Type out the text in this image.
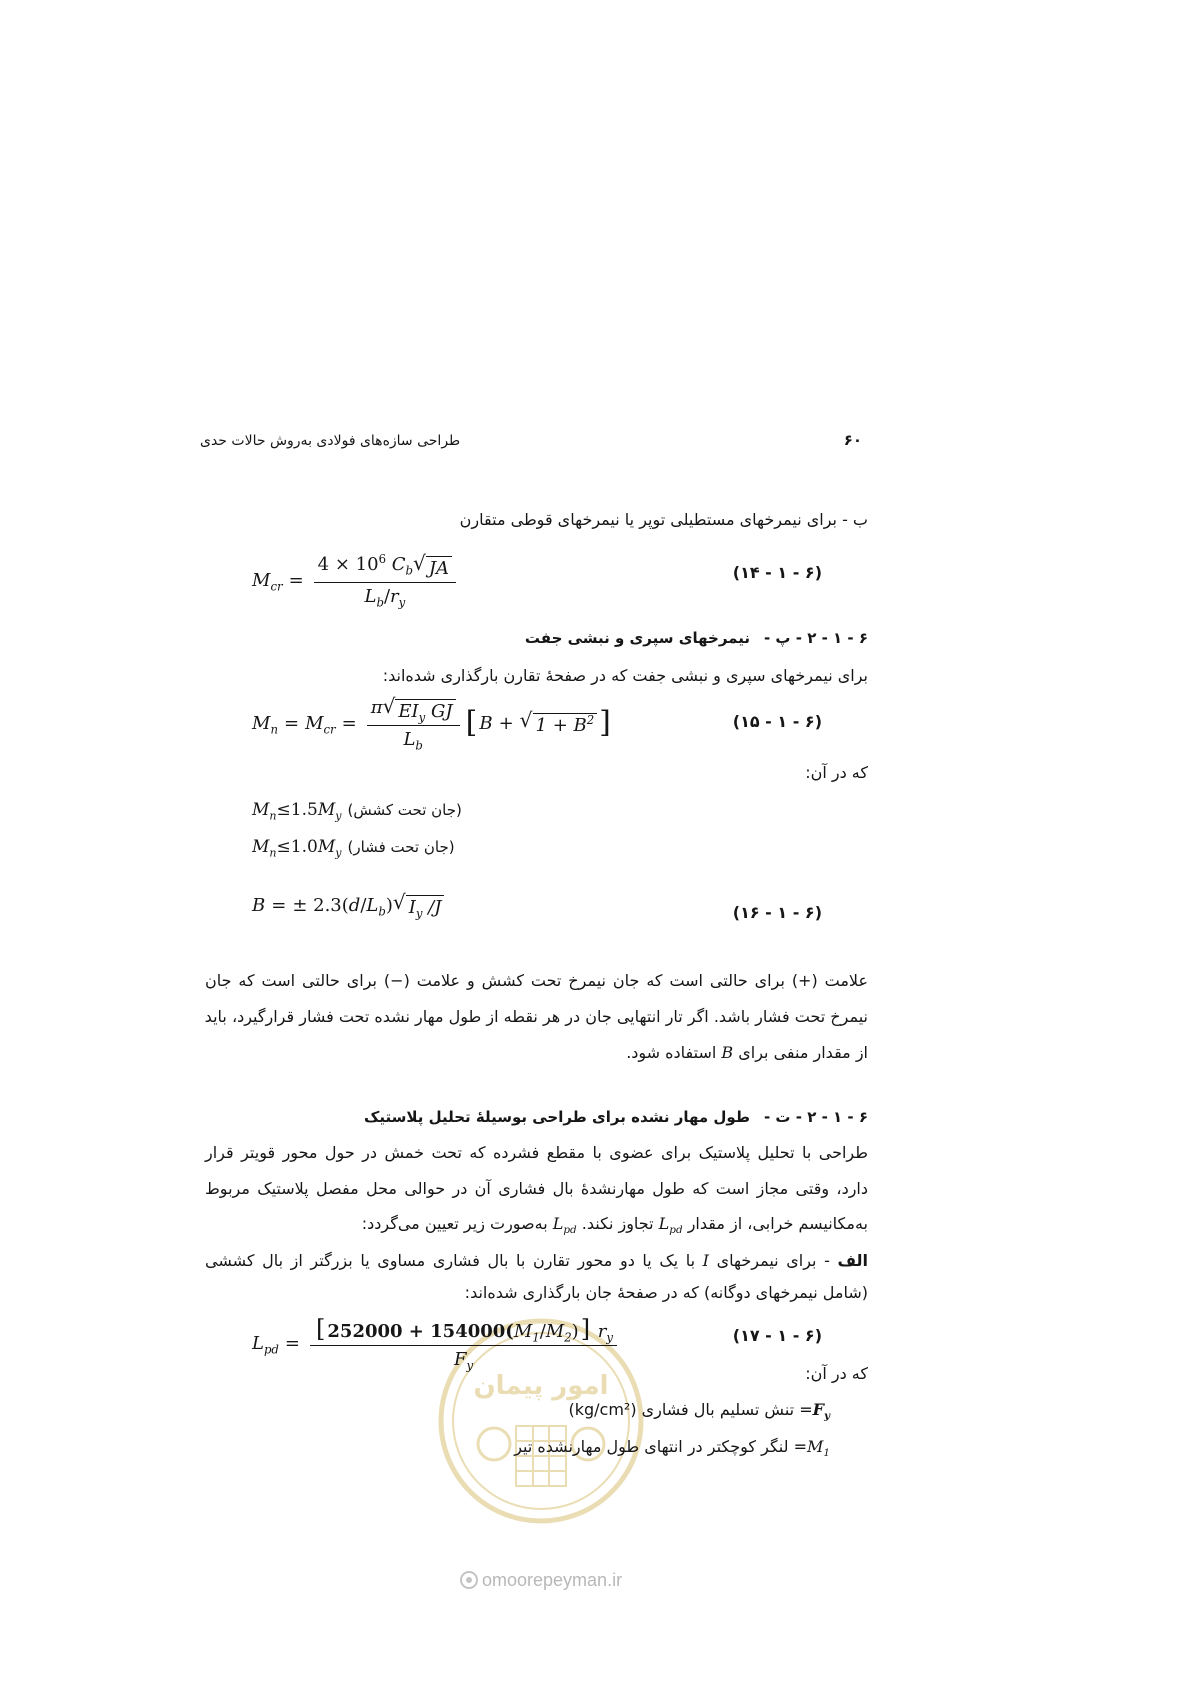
طراحی سازه‌های فولادی به‌روش حالات حدی	۶۰
ب - برای نیمرخهای مستطیلی توپر یا نیمرخهای قوطی متقارن
$M_{cr} = \frac{4 \times 10^6 C_b √ JA}{L_b/r_y}$	(۶ - ۱ - ۱۴)
۶ - ۱ - ۲ - پ -نیمرخهای سپری و نبشی جفت
برای نیمرخهای سپری و نبشی جفت که در صفحهٔ تقارن بارگذاری شده‌اند:
$M_n = M_{cr} = \frac{\pi √ EI_y GJ}{L_b}$ [ B + √ $1 + B^2$ ]	(۶ - ۱ - ۱۵)
که در آن:
$M_n\le 1.5M_y$ (جان تحت کشش)
$M_n\le 1.0M_y$ (جان تحت فشار)
B = ± 2.3( d / $L_b$ ) √ $I_y$ /J	(۶ - ۱ - ۱۶)
علامت (+) برای حالتی است که جان نیمرخ تحت کشش و علامت (−) برای حالتی است که جان
نیمرخ تحت فشار باشد. اگر تار انتهایی جان در هر نقطه از طول مهار نشده تحت فشار قرارگیرد، باید
از مقدار منفی برای B استفاده شود.
۶ - ۱ - ۲ - ت -طول مهار نشده برای طراحی بوسیلهٔ تحلیل پلاستیک
طراحی با تحلیل پلاستیک برای عضوی با مقطع فشرده که تحت خمش در حول محور قویتر قرار
دارد، وقتی مجاز است که طول مهارنشدهٔ بال فشاری آن در حوالی محل مفصل پلاستیک مربوط
به‌مکانیسم خرابی، از مقدار $L_{pd}$ تجاوز نکند. $L_{pd}$ به‌صورت زیر تعیین می‌گردد:
الف - برای نیمرخهای I با یک یا دو محور تقارن با بال فشاری مساوی یا بزرگتر از بال کششی
(شامل نیمرخهای دوگانه) که در صفحهٔ جان بارگذاری شده‌اند:
امور پیمان
$L_{pd} = \frac{[ 252000 + 154000(M_1/M_2)] r_y}{F_y}$	(۶ - ۱ - ۱۷)
که در آن:
$F_y=$ تنش تسلیم بال فشاری (kg/cm²)
$M_1=$ لنگر کوچکتر در انتهای طول مهارنشده تیر
omoorepeyman.ir
